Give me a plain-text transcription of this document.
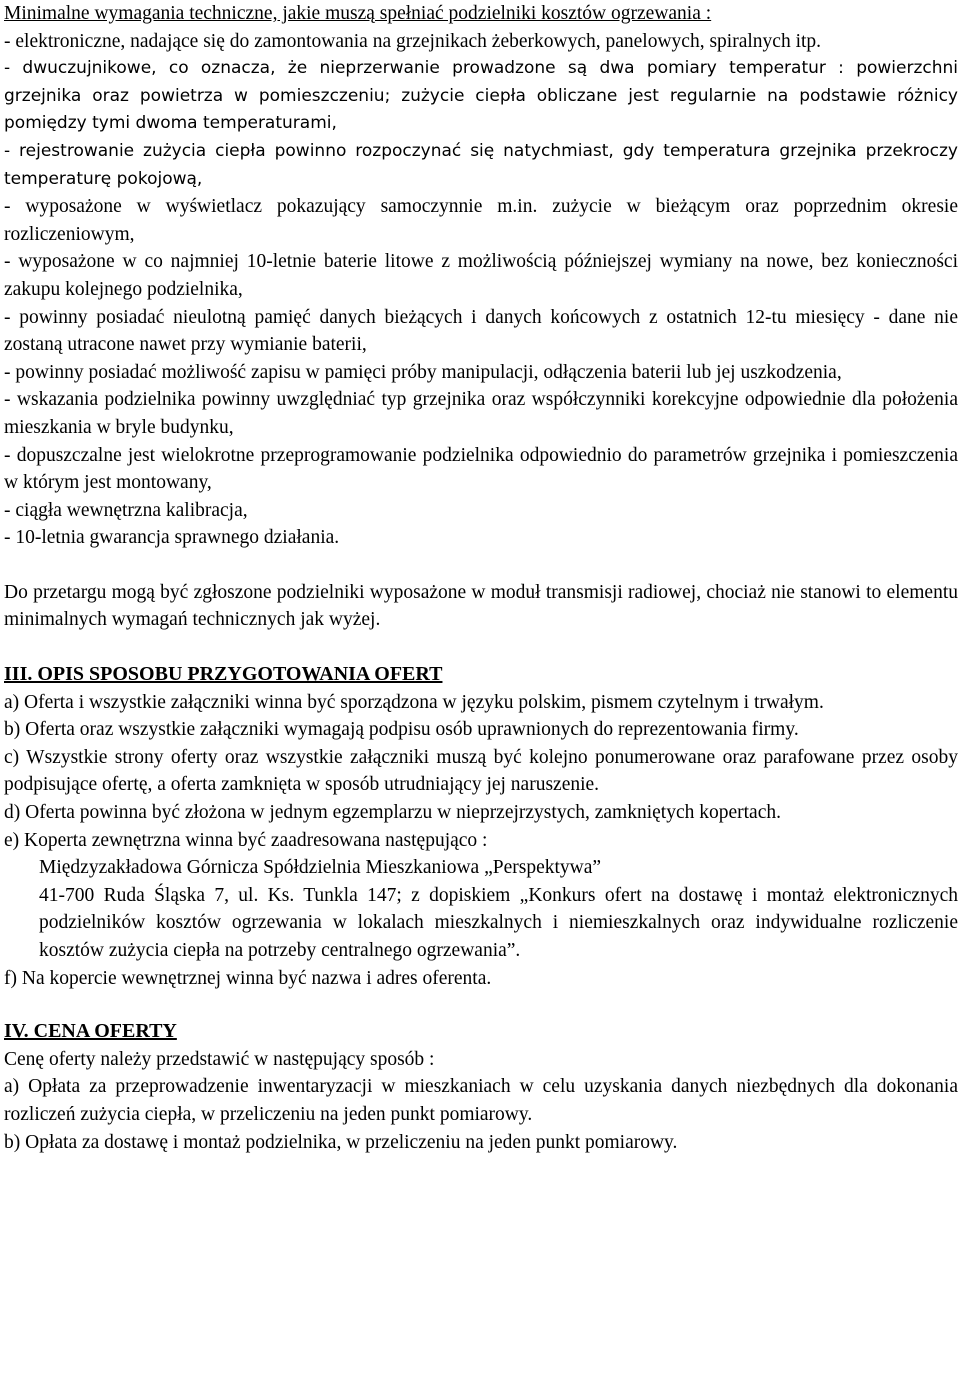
Minimalne wymagania techniczne, jakie muszą spełniać podzielniki kosztów ogrzewania :

- elektroniczne, nadające się do zamontowania na grzejnikach żeberkowych, panelowych, spiralnych itp.

- dwuczujnikowe, co oznacza, że nieprzerwanie prowadzone są dwa pomiary temperatur : powierzchni grzejnika oraz powietrza w pomieszczeniu; zużycie ciepła obliczane jest regularnie na podstawie różnicy pomiędzy tymi dwoma temperaturami,

- rejestrowanie zużycia ciepła powinno rozpoczynać się natychmiast, gdy temperatura grzejnika przekroczy temperaturę pokojową,

- wyposażone w wyświetlacz pokazujący samoczynnie m.in. zużycie w bieżącym oraz poprzednim okresie rozliczeniowym,

- wyposażone w co najmniej 10-letnie baterie litowe z możliwością późniejszej wymiany na nowe, bez konieczności zakupu kolejnego podzielnika,

- powinny posiadać nieulotną pamięć danych bieżących i danych końcowych z ostatnich 12-tu miesięcy - dane nie zostaną utracone nawet przy wymianie baterii,

- powinny posiadać możliwość zapisu w pamięci próby manipulacji, odłączenia baterii lub jej uszkodzenia,

- wskazania podzielnika powinny uwzględniać typ grzejnika oraz współczynniki korekcyjne odpowiednie dla położenia mieszkania w bryle budynku,

- dopuszczalne jest wielokrotne przeprogramowanie podzielnika odpowiednio do parametrów grzejnika i pomieszczenia w którym jest montowany,

- ciągła wewnętrzna kalibracja,

- 10-letnia gwarancja sprawnego działania.

Do przetargu mogą być zgłoszone podzielniki wyposażone w moduł transmisji radiowej, chociaż nie stanowi to elementu minimalnych wymagań technicznych jak wyżej.

III. OPIS SPOSOBU PRZYGOTOWANIA OFERT

a) Oferta i wszystkie załączniki winna być sporządzona w języku polskim, pismem czytelnym i trwałym.

b) Oferta oraz wszystkie załączniki wymagają podpisu osób uprawnionych do reprezentowania firmy.

c) Wszystkie strony oferty oraz wszystkie załączniki muszą być kolejno ponumerowane oraz parafowane przez osoby podpisujące ofertę, a oferta zamknięta w sposób utrudniający jej naruszenie.

d) Oferta powinna być złożona w jednym egzemplarzu w nieprzejrzystych, zamkniętych kopertach.

e) Koperta zewnętrzna winna być zaadresowana następująco :

Międzyzakładowa Górnicza Spółdzielnia Mieszkaniowa „Perspektywa”

41-700 Ruda Śląska 7, ul. Ks. Tunkla 147; z dopiskiem „Konkurs ofert na dostawę i montaż elektronicznych podzielników kosztów ogrzewania w lokalach mieszkalnych i niemieszkalnych oraz indywidualne rozliczenie kosztów zużycia ciepła na potrzeby centralnego ogrzewania”.

f) Na kopercie wewnętrznej winna być nazwa i adres oferenta.

IV. CENA OFERTY

Cenę oferty należy przedstawić w następujący sposób :

a) Opłata za przeprowadzenie inwentaryzacji w mieszkaniach w celu uzyskania danych niezbędnych dla dokonania rozliczeń zużycia ciepła, w przeliczeniu na jeden punkt pomiarowy.

b) Opłata za dostawę i montaż podzielnika, w przeliczeniu na jeden punkt pomiarowy.
